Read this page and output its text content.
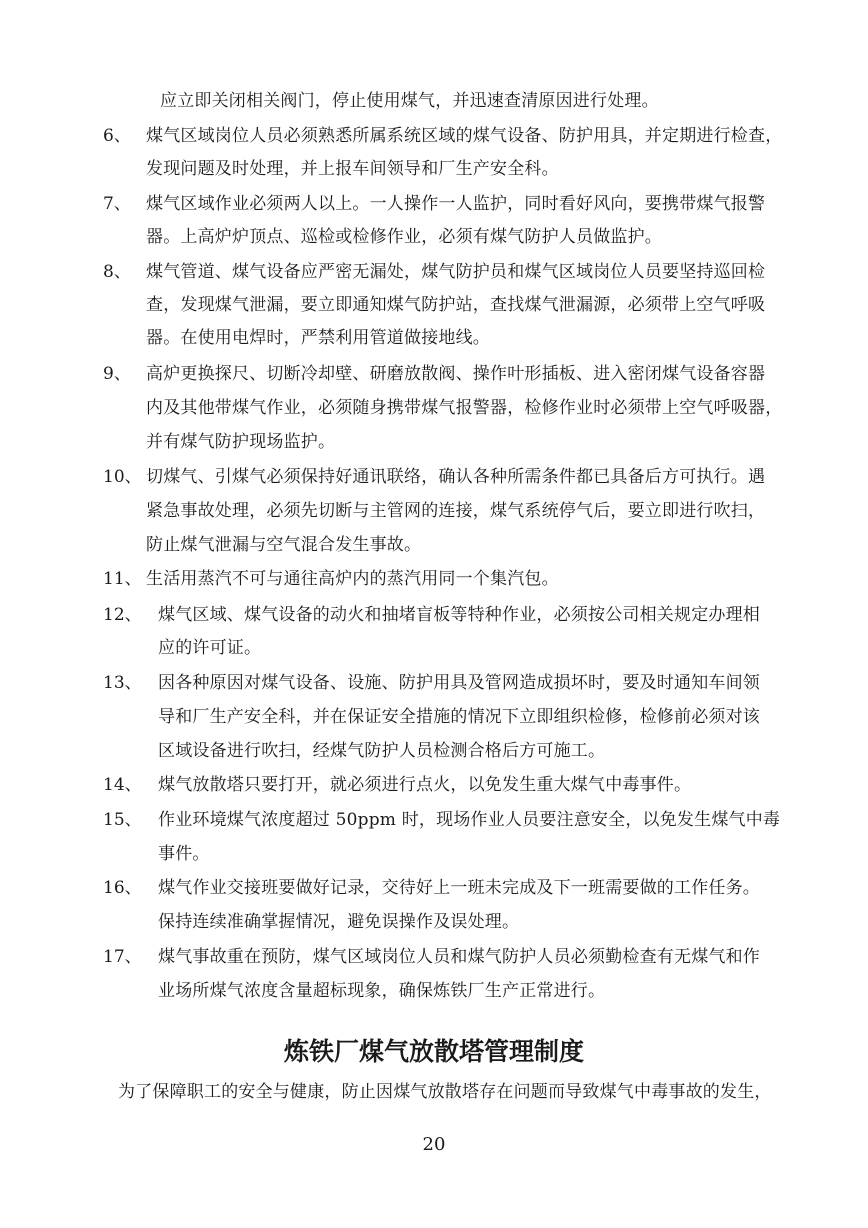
应立即关闭相关阀门，停止使用煤气，并迅速查清原因进行处理。
6、 煤气区域岗位人员必须熟悉所属系统区域的煤气设备、防护用具，并定期进行检查，
发现问题及时处理，并上报车间领导和厂生产安全科。
7、 煤气区域作业必须两人以上。一人操作一人监护，同时看好风向，要携带煤气报警
器。上高炉炉顶点、巡检或检修作业，必须有煤气防护人员做监护。
8、 煤气管道、煤气设备应严密无漏处，煤气防护员和煤气区域岗位人员要坚持巡回检
查，发现煤气泄漏，要立即通知煤气防护站，查找煤气泄漏源，必须带上空气呼吸
器。在使用电焊时，严禁利用管道做接地线。
9、 高炉更换探尺、切断冷却壁、研磨放散阀、操作叶形插板、进入密闭煤气设备容器
内及其他带煤气作业，必须随身携带煤气报警器，检修作业时必须带上空气呼吸器，
并有煤气防护现场监护。
10、 切煤气、引煤气必须保持好通讯联络，确认各种所需条件都已具备后方可执行。遇
紧急事故处理，必须先切断与主管网的连接，煤气系统停气后，要立即进行吹扫，
防止煤气泄漏与空气混合发生事故。
11、 生活用蒸汽不可与通往高炉内的蒸汽用同一个集汽包。
12、 煤气区域、煤气设备的动火和抽堵盲板等特种作业，必须按公司相关规定办理相
应的许可证。
13、 因各种原因对煤气设备、设施、防护用具及管网造成损坏时，要及时通知车间领
导和厂生产安全科，并在保证安全措施的情况下立即组织检修，检修前必须对该
区域设备进行吹扫，经煤气防护人员检测合格后方可施工。
14、 煤气放散塔只要打开，就必须进行点火，以免发生重大煤气中毒事件。
15、 作业环境煤气浓度超过 50ppm 时，现场作业人员要注意安全，以免发生煤气中毒
事件。
16、 煤气作业交接班要做好记录，交待好上一班未完成及下一班需要做的工作任务。
保持连续准确掌握情况，避免误操作及误处理。
17、 煤气事故重在预防，煤气区域岗位人员和煤气防护人员必须勤检查有无煤气和作
业场所煤气浓度含量超标现象，确保炼铁厂生产正常进行。
炼铁厂煤气放散塔管理制度
为了保障职工的安全与健康，防止因煤气放散塔存在问题而导致煤气中毒事故的发生，
20
